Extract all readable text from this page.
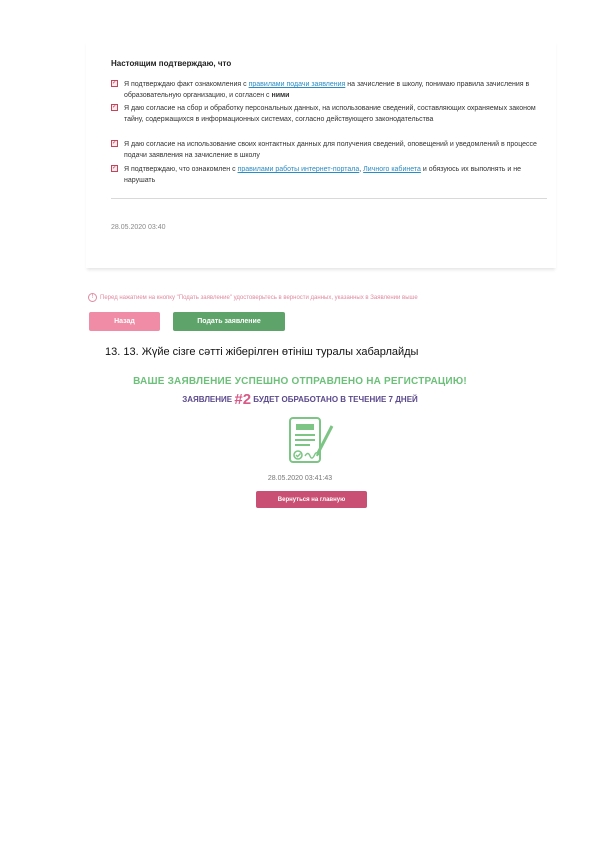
Настоящим подтверждаю, что
✓ Я подтверждаю факт ознакомления с правилами подачи заявления на зачисление в школу, понимаю правила зачисления в образовательную организацию, и согласен с ними
✓ Я даю согласие на сбор и обработку персональных данных, на использование сведений, составляющих охраняемых законом тайну, содержащихся в информационных системах, согласно действующего законодательства
✓ Я даю согласие на использование своих контактных данных для получения сведений, оповещений и уведомлений в процессе подачи заявления на зачисление в школу
✓ Я подтверждаю, что ознакомлен с правилами работы интернет-портала, Личного кабинета и обязуюсь их выполнять и не нарушать
28.05.2020 03:40
!	Перед нажатием на кнопку "Подать заявление" удостоверьтесь в верности данных, указанных в Заявлении выше
Назад	Подать заявление
13. 13. Жүйе сізге сәтті жіберілген өтініш туралы хабарлайды
ВАШЕ ЗАЯВЛЕНИЕ УСПЕШНО ОТПРАВЛЕНО НА РЕГИСТРАЦИЮ!
ЗАЯВЛЕНИЕ #2 БУДЕТ ОБРАБОТАНО В ТЕЧЕНИЕ 7 ДНЕЙ
28.05.2020 03:41:43
Вернуться на главную
